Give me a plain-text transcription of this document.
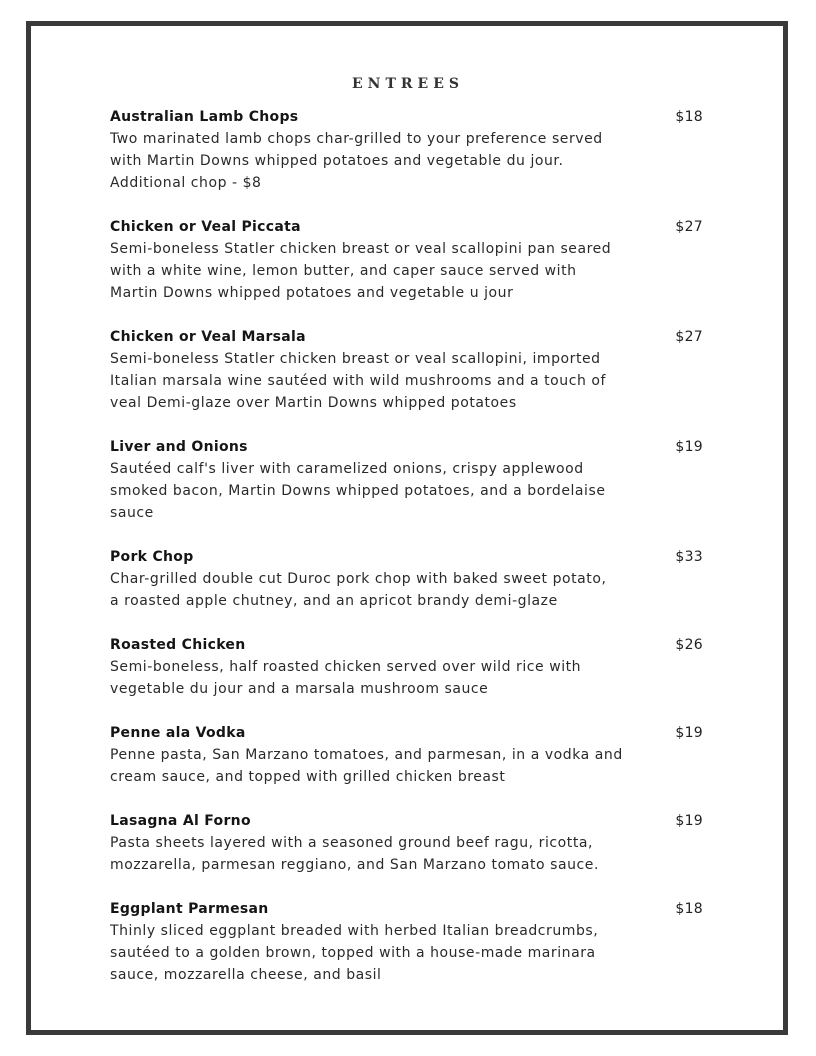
ENTREES
Australian Lamb Chops	$18
Two marinated lamb chops char-grilled to your preference served
with Martin Downs whipped potatoes and vegetable du jour.
Additional chop - $8
Chicken or Veal Piccata	$27
Semi-boneless Statler chicken breast or veal scallopini pan seared
with a white wine, lemon butter, and caper sauce served with
Martin Downs whipped potatoes and vegetable u jour
Chicken or Veal Marsala	$27
Semi-boneless Statler chicken breast or veal scallopini, imported
Italian marsala wine sautéed with wild mushrooms and a touch of
veal Demi-glaze over Martin Downs whipped potatoes
Liver and Onions	$19
Sautéed calf's liver with caramelized onions, crispy applewood
smoked bacon, Martin Downs whipped potatoes, and a bordelaise
sauce
Pork Chop	$33
Char-grilled double cut Duroc pork chop with baked sweet potato,
a roasted apple chutney, and an apricot brandy demi-glaze
Roasted Chicken	$26
Semi-boneless, half roasted chicken served over wild rice with
vegetable du jour and a marsala mushroom sauce
Penne ala Vodka	$19
Penne pasta, San Marzano tomatoes, and parmesan, in a vodka and
cream sauce, and topped with grilled chicken breast
Lasagna Al Forno	$19
Pasta sheets layered with a seasoned ground beef ragu, ricotta,
mozzarella, parmesan reggiano, and San Marzano tomato sauce.
Eggplant Parmesan	$18
Thinly sliced eggplant breaded with herbed Italian breadcrumbs,
sautéed to a golden brown, topped with a house-made marinara
sauce, mozzarella cheese, and basil
